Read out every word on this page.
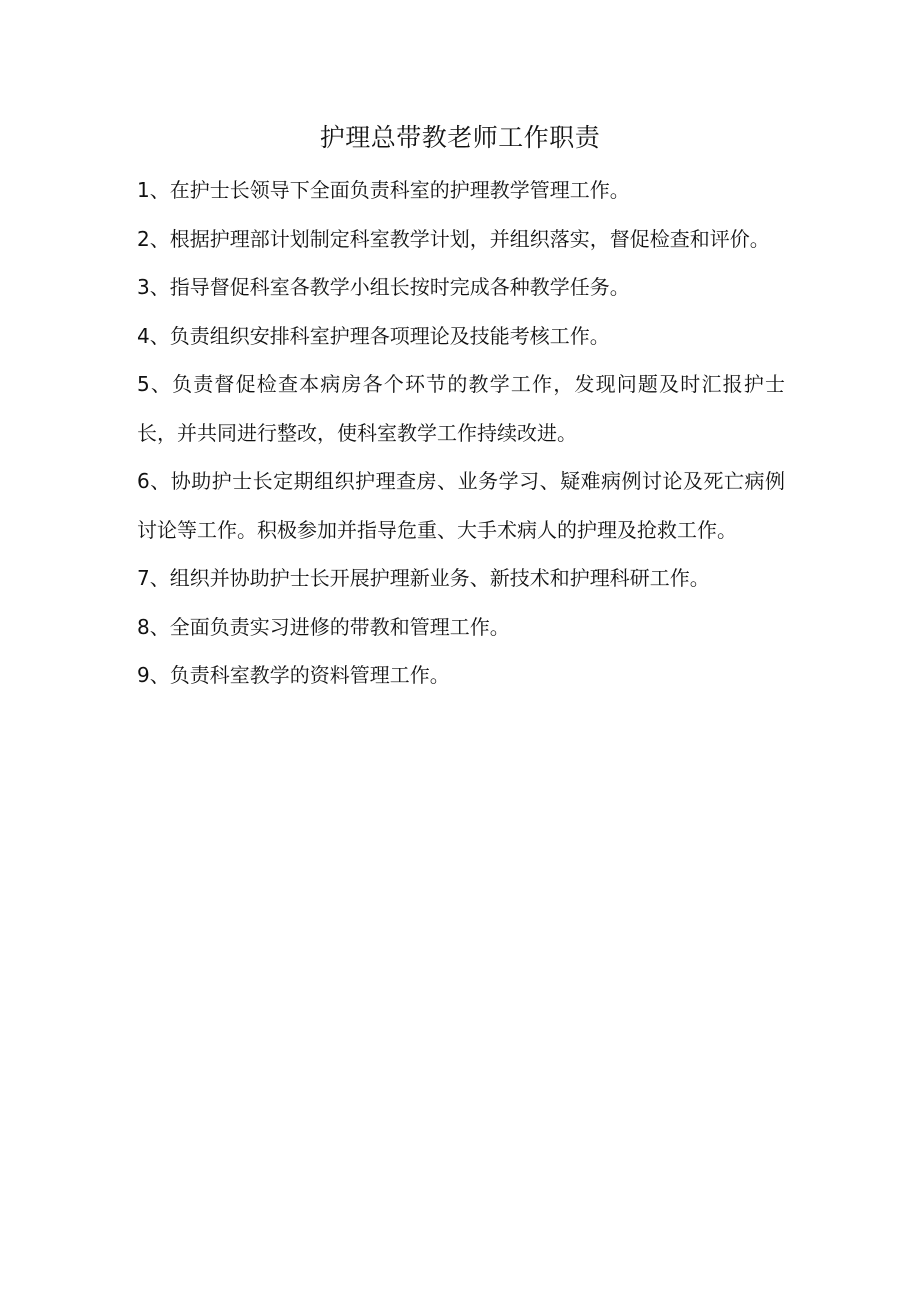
护理总带教老师工作职责
1、在护士长领导下全面负责科室的护理教学管理工作。
2、根据护理部计划制定科室教学计划，并组织落实，督促检查和评价。
3、指导督促科室各教学小组长按时完成各种教学任务。
4、负责组织安排科室护理各项理论及技能考核工作。
5、负责督促检查本病房各个环节的教学工作，发现问题及时汇报护士长，并共同进行整改，使科室教学工作持续改进。
6、协助护士长定期组织护理查房、业务学习、疑难病例讨论及死亡病例讨论等工作。积极参加并指导危重、大手术病人的护理及抢救工作。
7、组织并协助护士长开展护理新业务、新技术和护理科研工作。
8、全面负责实习进修的带教和管理工作。
9、负责科室教学的资料管理工作。
